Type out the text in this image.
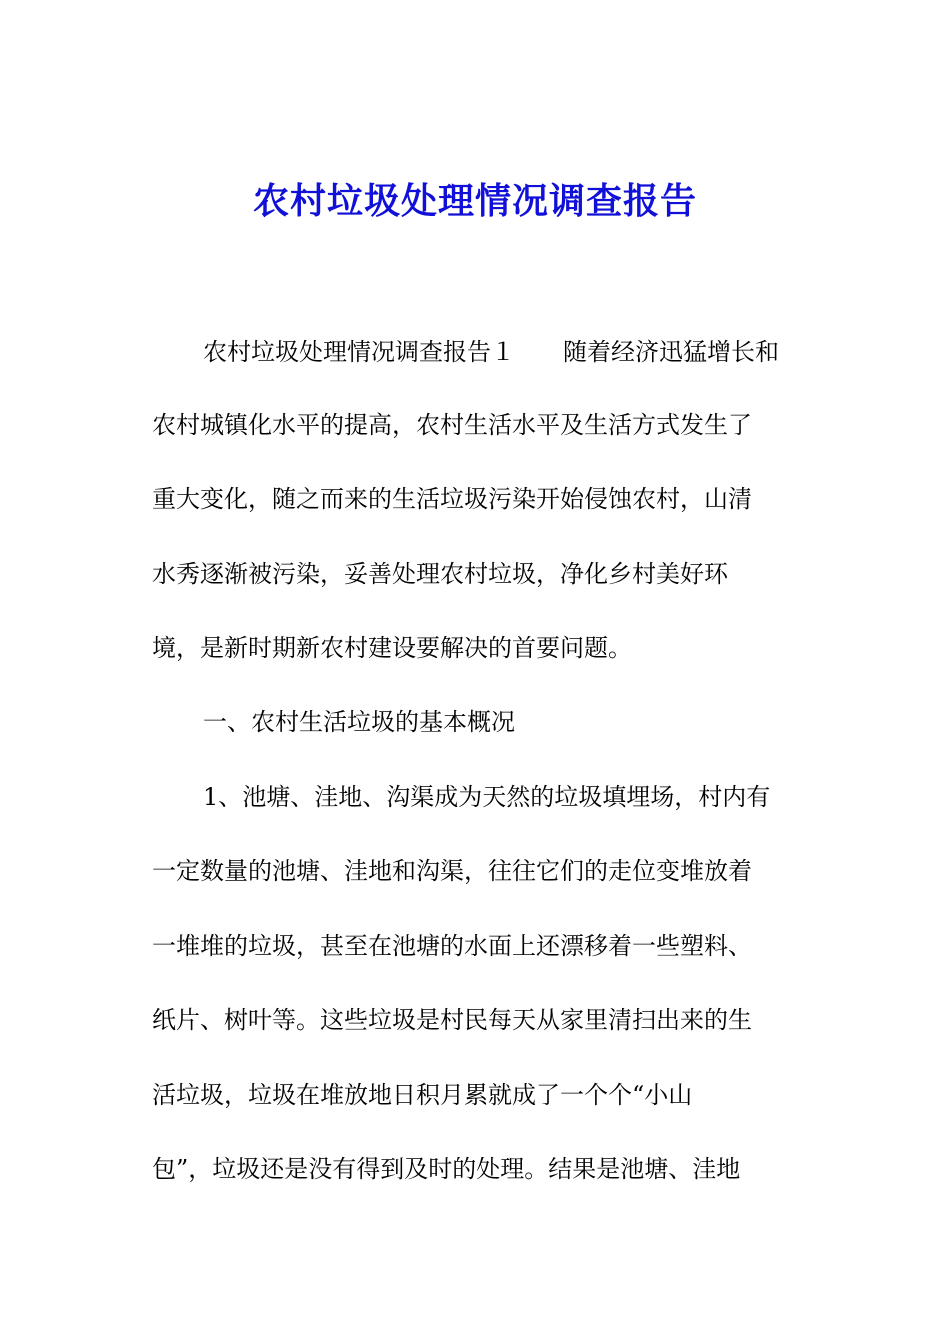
农村垃圾处理情况调查报告
农村垃圾处理情况调查报告１ 随着经济迅猛增长和
农村城镇化水平的提高，农村生活水平及生活方式发生了
重大变化，随之而来的生活垃圾污染开始侵蚀农村，山清
水秀逐渐被污染，妥善处理农村垃圾，净化乡村美好环
境，是新时期新农村建设要解决的首要问题。
一、农村生活垃圾的基本概况
1、池塘、洼地、沟渠成为天然的垃圾填埋场，村内有
一定数量的池塘、洼地和沟渠，往往它们的走位变堆放着
一堆堆的垃圾，甚至在池塘的水面上还漂移着一些塑料、
纸片、树叶等。这些垃圾是村民每天从家里清扫出来的生
活垃圾，垃圾在堆放地日积月累就成了一个个“小山
包”，垃圾还是没有得到及时的处理。结果是池塘、洼地
